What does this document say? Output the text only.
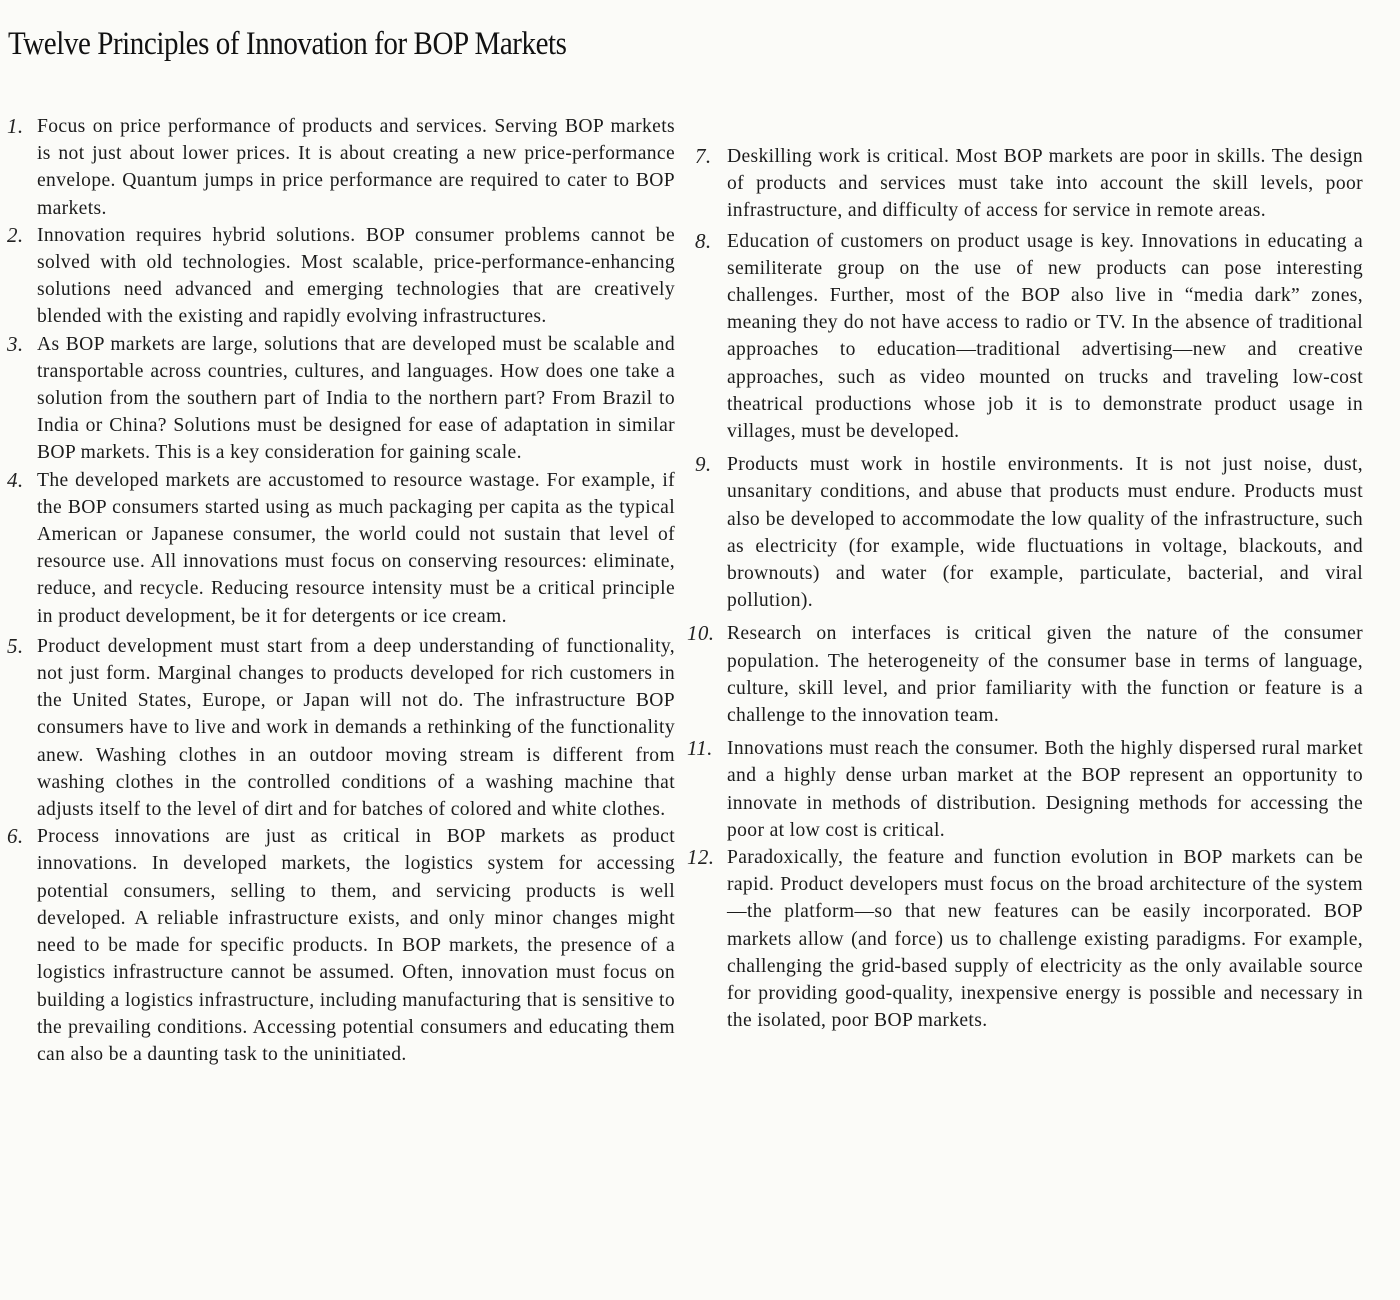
Twelve Principles of Innovation for BOP Markets
1. Focus on price performance of products and services. Serving BOP markets is not just about lower prices. It is about creating a new price-performance envelope. Quantum jumps in price performance are required to cater to BOP markets.
2. Innovation requires hybrid solutions. BOP consumer problems cannot be solved with old technologies. Most scalable, price-performance-enhancing solutions need advanced and emerging technologies that are creatively blended with the existing and rapidly evolving infrastructures.
3. As BOP markets are large, solutions that are developed must be scalable and transportable across countries, cultures, and languages. How does one take a solution from the southern part of India to the northern part? From Brazil to India or China? Solutions must be designed for ease of adaptation in similar BOP markets. This is a key consideration for gaining scale.
4. The developed markets are accustomed to resource wastage. For example, if the BOP consumers started using as much packaging per capita as the typical American or Japanese consumer, the world could not sustain that level of resource use. All innovations must focus on conserving resources: eliminate, reduce, and recycle. Reducing resource intensity must be a critical principle in product development, be it for detergents or ice cream.
5. Product development must start from a deep understanding of functionality, not just form. Marginal changes to products developed for rich customers in the United States, Europe, or Japan will not do. The infrastructure BOP consumers have to live and work in demands a rethinking of the functionality anew. Washing clothes in an outdoor moving stream is different from washing clothes in the controlled conditions of a washing machine that adjusts itself to the level of dirt and for batches of colored and white clothes.
6. Process innovations are just as critical in BOP markets as product innovations. In developed markets, the logistics system for accessing potential consumers, selling to them, and servicing products is well developed. A reliable infrastructure exists, and only minor changes might need to be made for specific products. In BOP markets, the presence of a logistics infrastructure cannot be assumed. Often, innovation must focus on building a logistics infrastructure, including manufacturing that is sensitive to the prevailing conditions. Accessing potential consumers and educating them can also be a daunting task to the uninitiated.
7. Deskilling work is critical. Most BOP markets are poor in skills. The design of products and services must take into account the skill levels, poor infrastructure, and difficulty of access for service in remote areas.
8. Education of customers on product usage is key. Innovations in educating a semiliterate group on the use of new products can pose interesting challenges. Further, most of the BOP also live in “media dark” zones, meaning they do not have access to radio or TV. In the absence of traditional approaches to education—traditional advertising—new and creative approaches, such as video mounted on trucks and traveling low-cost theatrical productions whose job it is to demonstrate product usage in villages, must be developed.
9. Products must work in hostile environments. It is not just noise, dust, unsanitary conditions, and abuse that products must endure. Products must also be developed to accommodate the low quality of the infrastructure, such as electricity (for example, wide fluctuations in voltage, blackouts, and brownouts) and water (for example, particulate, bacterial, and viral pollution).
10. Research on interfaces is critical given the nature of the consumer population. The heterogeneity of the consumer base in terms of language, culture, skill level, and prior familiarity with the function or feature is a challenge to the innovation team.
11. Innovations must reach the consumer. Both the highly dispersed rural market and a highly dense urban market at the BOP represent an opportunity to innovate in methods of distribution. Designing methods for accessing the poor at low cost is critical.
12. Paradoxically, the feature and function evolution in BOP markets can be rapid. Product developers must focus on the broad architecture of the system—the platform—so that new features can be easily incorporated. BOP markets allow (and force) us to challenge existing paradigms. For example, challenging the grid-based supply of electricity as the only available source for providing good-quality, inexpensive energy is possible and necessary in the isolated, poor BOP markets.
